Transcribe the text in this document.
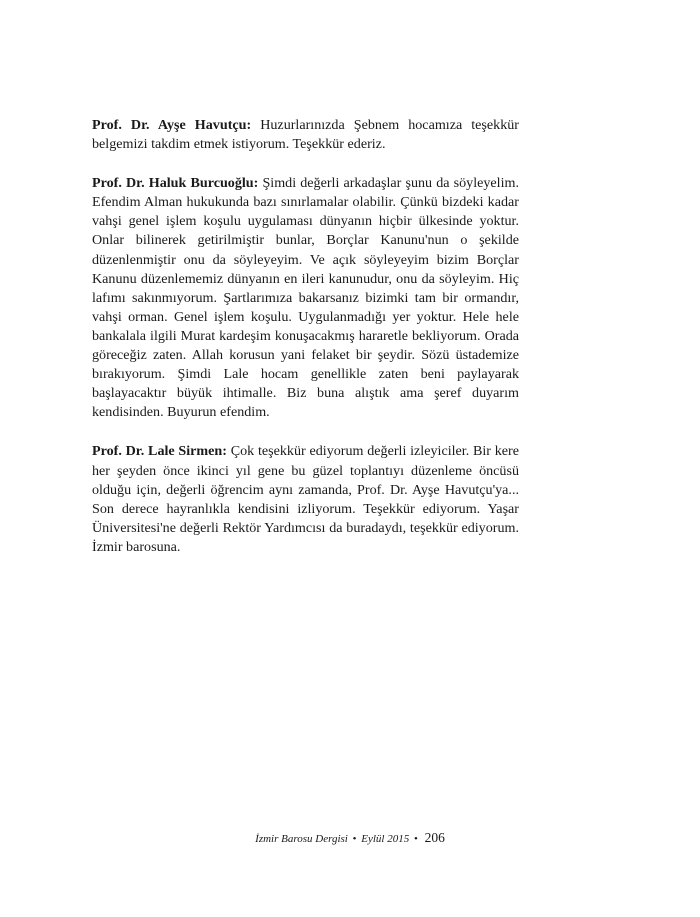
Prof. Dr. Ayşe Havutçu: Huzurlarınızda Şebnem hocamıza teşekkür belgemizi takdim etmek istiyorum. Teşekkür ederiz.

Prof. Dr. Haluk Burcuoğlu: Şimdi değerli arkadaşlar şunu da söyleyelim. Efendim Alman hukukunda bazı sınırlamalar olabilir. Çünkü bizdeki kadar vahşi genel işlem koşulu uygulaması dünyanın hiçbir ülkesinde yoktur. Onlar bilinerek getirilmiştir bunlar, Borçlar Kanunu'nun o şekilde düzenlenmiştir onu da söyleyeyim. Ve açık söyleyeyim bizim Borçlar Kanunu düzenlememiz dünyanın en ileri kanunudur, onu da söyleyim. Hiç lafımı sakınmıyorum. Şartlarımıza bakarsanız bizimki tam bir ormandır, vahşi orman. Genel işlem koşulu. Uygulanmadığı yer yoktur. Hele hele bankalala ilgili Murat kardeşim konuşacakmış hararetle bekliyorum. Orada göreceğiz zaten. Allah korusun yani felaket bir şeydir. Sözü üstademize bırakıyorum. Şimdi Lale hocam genellikle zaten beni paylayarak başlayacaktır büyük ihtimalle. Biz buna alıştık ama şeref duyarım kendisinden. Buyurun efendim.

Prof. Dr. Lale Sirmen: Çok teşekkür ediyorum değerli izleyiciler. Bir kere her şeyden önce ikinci yıl gene bu güzel toplantıyı düzenleme öncüsü olduğu için, değerli öğrencim aynı zamanda, Prof. Dr. Ayşe Havutçu'ya... Son derece hayranlıkla kendisini izliyorum. Teşekkür ediyorum. Yaşar Üniversitesi'ne değerli Rektör Yardımcısı da buradaydı, teşekkür ediyorum. İzmir barosuna.

İzmir Barosu Dergisi • Eylül 2015 • 206
